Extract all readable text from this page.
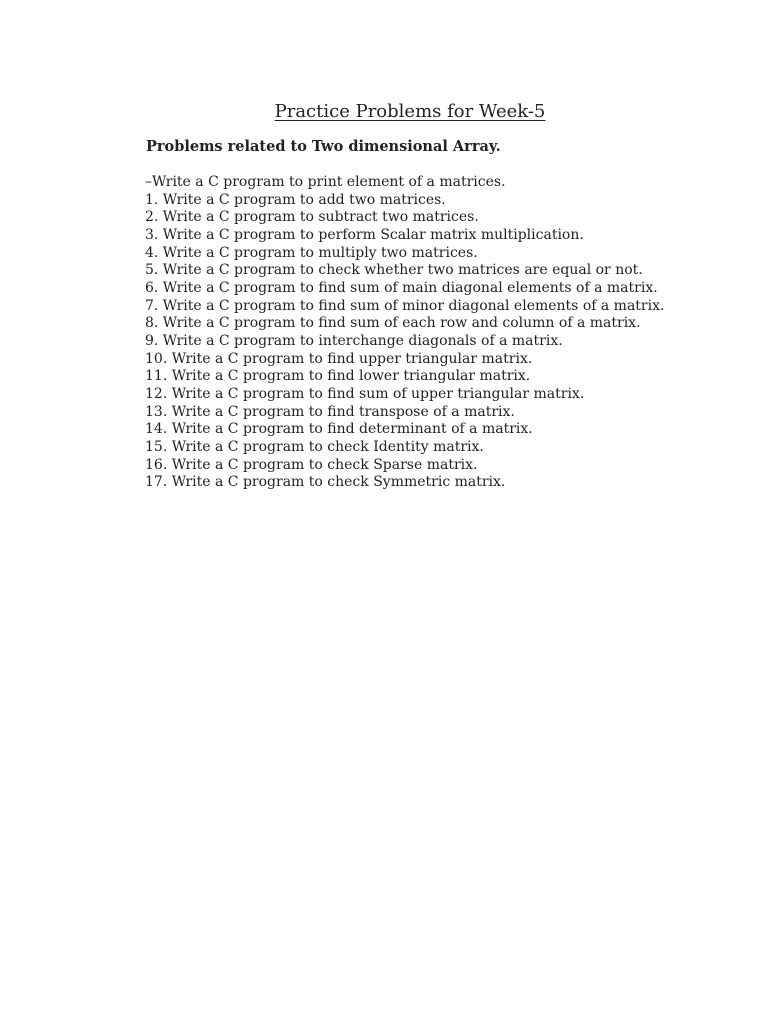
Practice Problems for Week-5
Problems related to Two dimensional Array.
–Write a C program to print element of a matrices.
1. Write a C program to add two matrices.
2. Write a C program to subtract two matrices.
3. Write a C program to perform Scalar matrix multiplication.
4. Write a C program to multiply two matrices.
5. Write a C program to check whether two matrices are equal or not.
6. Write a C program to find sum of main diagonal elements of a matrix.
7. Write a C program to find sum of minor diagonal elements of a matrix.
8. Write a C program to find sum of each row and column of a matrix.
9. Write a C program to interchange diagonals of a matrix.
10. Write a C program to find upper triangular matrix.
11. Write a C program to find lower triangular matrix.
12. Write a C program to find sum of upper triangular matrix.
13. Write a C program to find transpose of a matrix.
14. Write a C program to find determinant of a matrix.
15. Write a C program to check Identity matrix.
16. Write a C program to check Sparse matrix.
17. Write a C program to check Symmetric matrix.
